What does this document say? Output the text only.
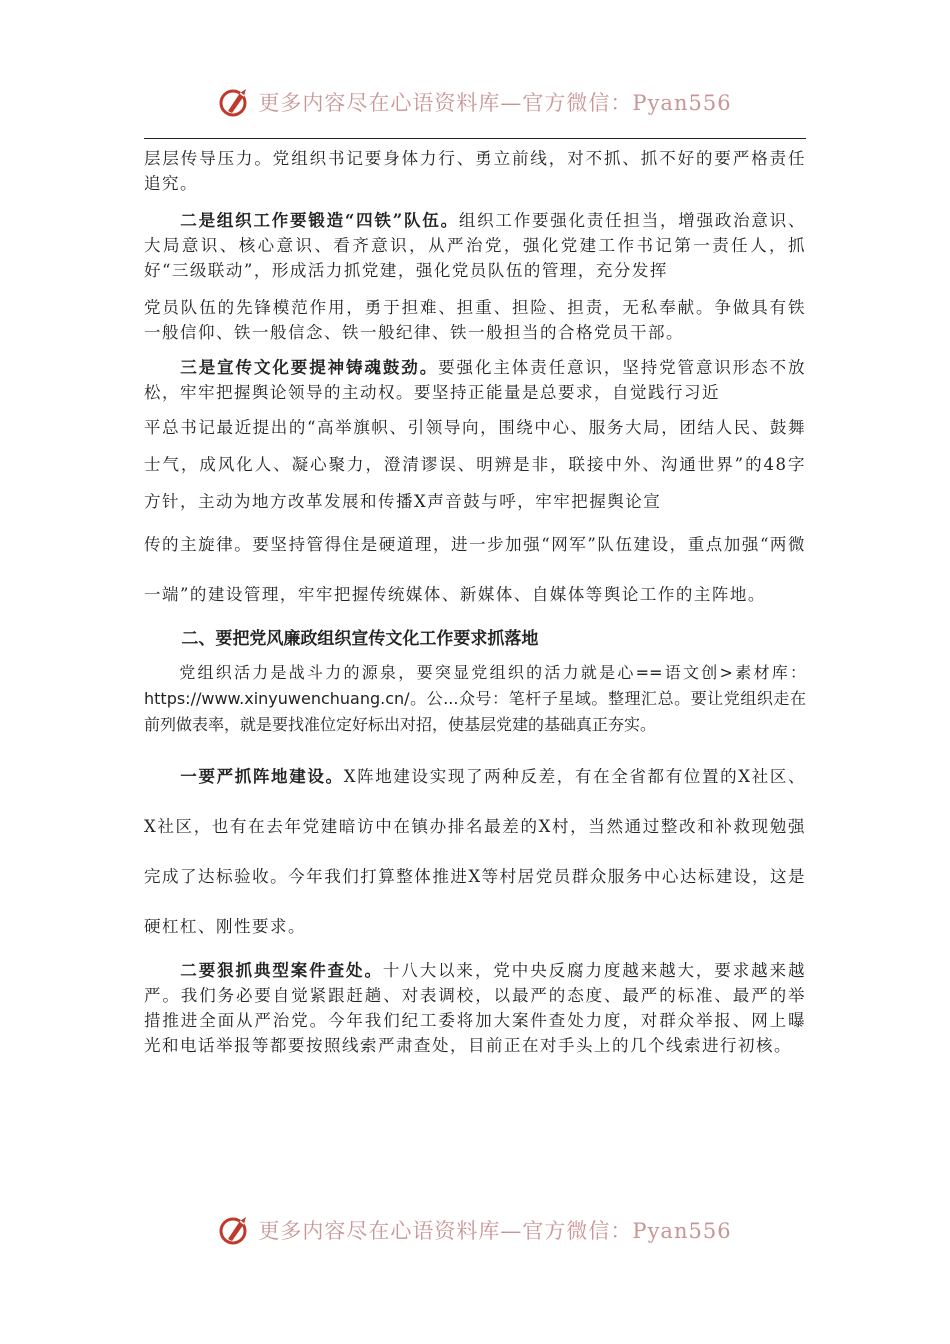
更多内容尽在心语资料库—官方微信：Pyan556

层层传导压力。党组织书记要身体力行、勇立前线，对不抓、抓不好的要严格责任追究。

二是组织工作要锻造“四铁”队伍。组织工作要强化责任担当，增强政治意识、大局意识、核心意识、看齐意识，从严治党，强化党建工作书记第一责任人，抓好“三级联动”，形成活力抓党建，强化党员队伍的管理，充分发挥

党员队伍的先锋模范作用，勇于担难、担重、担险、担责，无私奉献。争做具有铁一般信仰、铁一般信念、铁一般纪律、铁一般担当的合格党员干部。

三是宣传文化要提神铸魂鼓劲。要强化主体责任意识，坚持党管意识形态不放松，牢牢把握舆论领导的主动权。要坚持正能量是总要求，自觉践行习近

平总书记最近提出的“高举旗帜、引领导向，围绕中心、服务大局，团结人民、鼓舞士气，成风化人、凝心聚力，澄清谬误、明辨是非，联接中外、沟通世界”的48字方针，主动为地方改革发展和传播X声音鼓与呼，牢牢把握舆论宣

传的主旋律。要坚持管得住是硬道理，进一步加强“网军”队伍建设，重点加强“两微一端”的建设管理，牢牢把握传统媒体、新媒体、自媒体等舆论工作的主阵地。

二、要把党风廉政组织宣传文化工作要求抓落地

党组织活力是战斗力的源泉，要突显党组织的活力就是心==语文创>素材库：https://www.xinyuwenchuang.cn/。公...众号：笔杆子星域。整理汇总。要让党组织走在前列做表率，就是要找准位定好标出对招，使基层党建的基础真正夯实。

一要严抓阵地建设。X阵地建设实现了两种反差，有在全省都有位置的X社区、X社区，也有在去年党建暗访中在镇办排名最差的X村，当然通过整改和补救现勉强完成了达标验收。今年我们打算整体推进X等村居党员群众服务中心达标建设，这是硬杠杠、刚性要求。

二要狠抓典型案件查处。十八大以来，党中央反腐力度越来越大，要求越来越严。我们务必要自觉紧跟赶趟、对表调校，以最严的态度、最严的标准、最严的举措推进全面从严治党。今年我们纪工委将加大案件查处力度，对群众举报、网上曝光和电话举报等都要按照线索严肃查处，目前正在对手头上的几个线索进行初核。

更多内容尽在心语资料库—官方微信：Pyan556
